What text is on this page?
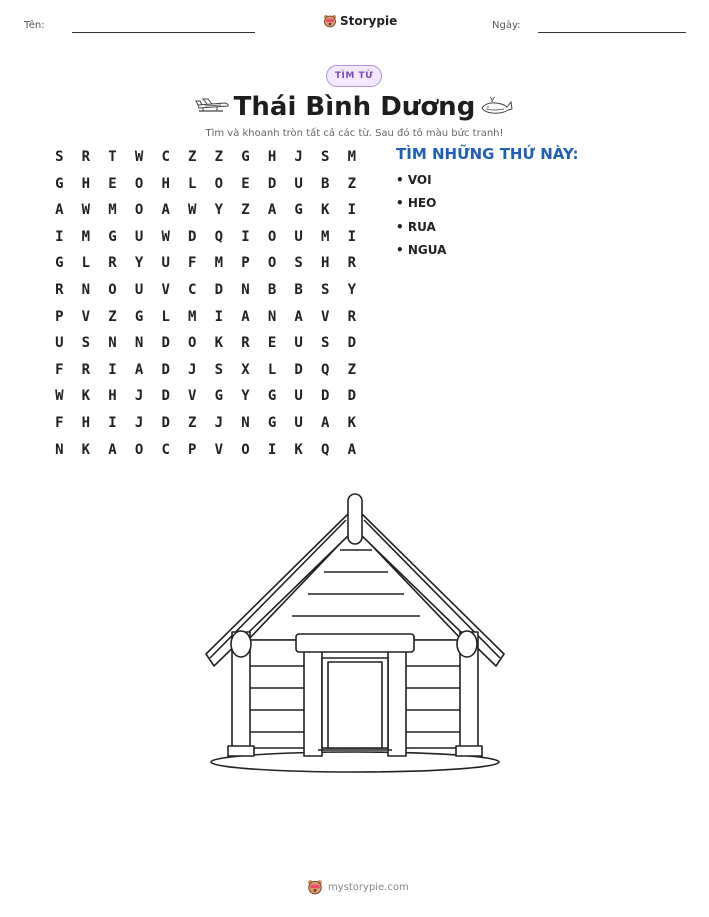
Tên:	Storypie	Ngày:
TÌM TỪ
Thái Bình Dương
Tìm và khoanh tròn tất cả các từ. Sau đó tô màu bức tranh!
S	R	T	W	C	Z	Z	G	H	J	S	M
G	H	E	O	H	L	O	E	D	U	B	Z
A	W	M	O	A	W	Y	Z	A	G	K	I
I	M	G	U	W	D	Q	I	O	U	M	I
G	L	R	Y	U	F	M	P	O	S	H	R
R	N	O	U	V	C	D	N	B	B	S	Y
P	V	Z	G	L	M	I	A	N	A	V	R
U	S	N	N	D	O	K	R	E	U	S	D
F	R	I	A	D	J	S	X	L	D	Q	Z
W	K	H	J	D	V	G	Y	G	U	D	D
F	H	I	J	D	Z	J	N	G	U	A	K
N	K	A	O	C	P	V	O	I	K	Q	A
TÌM NHỮNG THỨ NÀY:
• VOI
• HEO
• RUA
• NGUA
mystorypie.com
